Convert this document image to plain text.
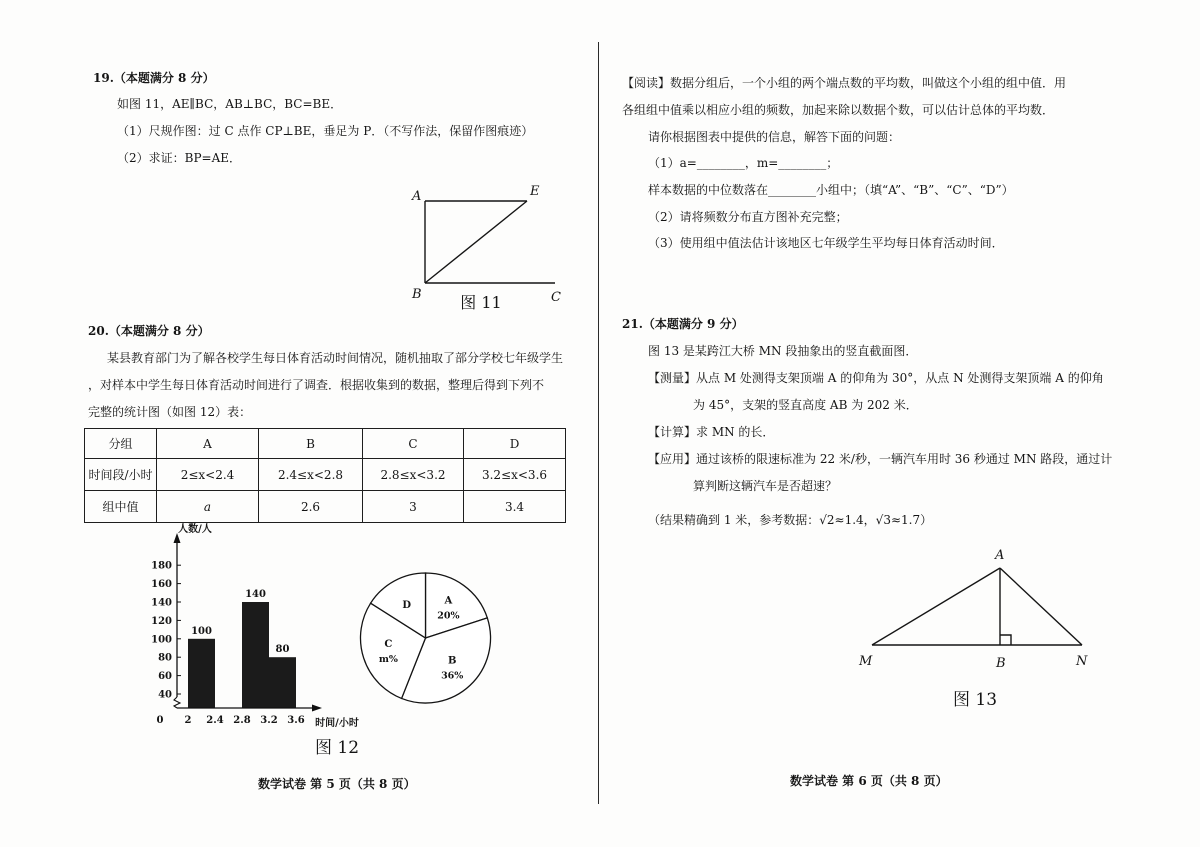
19.（本题满分 8 分）
如图 11，AE∥BC，AB⊥BC，BC=BE．
（1）尺规作图：过 C 点作 CP⊥BE，垂足为 P．（不写作法，保留作图痕迹）
（2）求证：BP=AE．
A	E
B	C
图 11
20.（本题满分 8 分）
某县教育部门为了解各校学生每日体育活动时间情况，随机抽取了部分学校七年级学生
，对样本中学生每日体育活动时间进行了调查．根据收集到的数据，整理后得到下列不
完整的统计图（如图 12）表：
分组	A	B	C	D
时间段/小时	2≤x<2.4	2.4≤x<2.8	2.8≤x<3.2	3.2≤x<3.6
组中值	a	2.6	3	3.4
100
140
80
40
60
80
100
120
140
160
180
0 2 2.4 2.8 3.2 3.6
人数/人
时间/小时
A
20%
B
36%
C
m%
D
图 12
数学试卷 第 5 页（共 8 页）
【阅读】数据分组后，一个小组的两个端点数的平均数，叫做这个小组的组中值．用
各组组中值乘以相应小组的频数，加起来除以数据个数，可以估计总体的平均数．
请你根据图表中提供的信息，解答下面的问题：
（1）a=________，m=________；
样本数据的中位数落在________小组中；（填“A”、“B”、“C”、“D”）
（2）请将频数分布直方图补充完整；
（3）使用组中值法估计该地区七年级学生平均每日体育活动时间．
21.（本题满分 9 分）
图 13 是某跨江大桥 MN 段抽象出的竖直截面图．
【测量】从点 M 处测得支架顶端 A 的仰角为 30°，从点 N 处测得支架顶端 A 的仰角
为 45°，支架的竖直高度 AB 为 202 米．
【计算】求 MN 的长．
【应用】通过该桥的限速标准为 22 米/秒，一辆汽车用时 36 秒通过 MN 路段，通过计
算判断这辆汽车是否超速？
（结果精确到 1 米，参考数据：√2≈1.4，√3≈1.7）
A
M	B	N
图 13
数学试卷 第 6 页（共 8 页）
